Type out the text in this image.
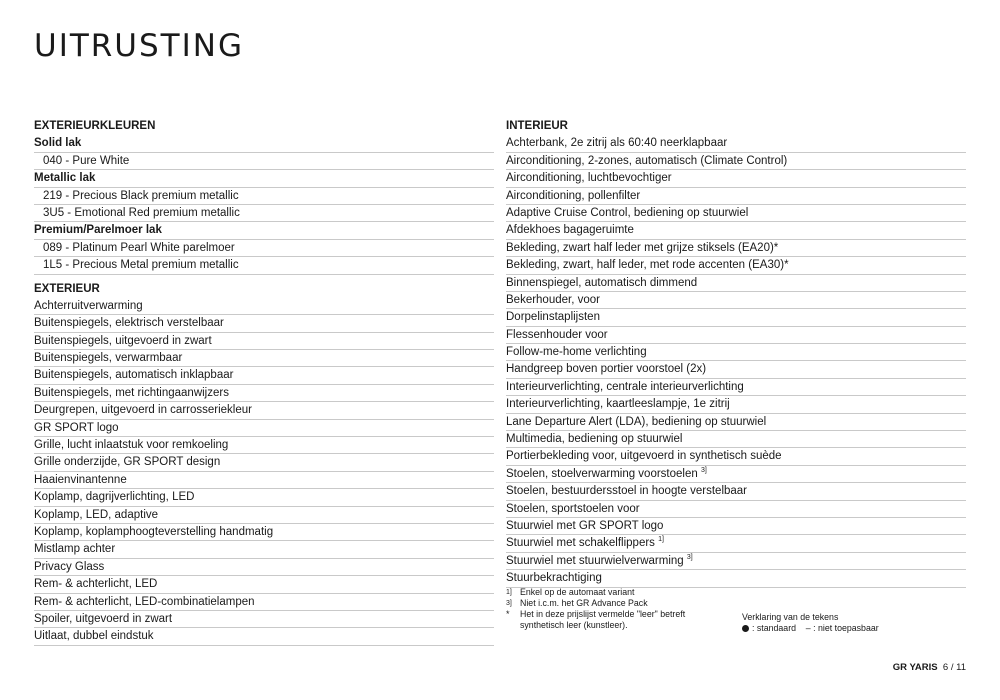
UITRUSTING
EXTERIEURKLEUREN
Solid lak
040 - Pure White
Metallic lak
219 - Precious Black premium metallic
3U5 - Emotional Red premium metallic
Premium/Parelmoer lak
089 - Platinum Pearl White parelmoer
1L5 - Precious Metal premium metallic
EXTERIEUR
Achterruitverwarming
Buitenspiegels, elektrisch verstelbaar
Buitenspiegels, uitgevoerd in zwart
Buitenspiegels, verwarmbaar
Buitenspiegels, automatisch inklapbaar
Buitenspiegels, met richtingaanwijzers
Deurgrepen, uitgevoerd in carrosseriekleur
GR SPORT logo
Grille, lucht inlaatstuk voor remkoeling
Grille onderzijde, GR SPORT design
Haaienvinantenne
Koplamp, dagrijverlichting, LED
Koplamp, LED, adaptive
Koplamp, koplamphoogteverstelling handmatig
Mistlamp achter
Privacy Glass
Rem- & achterlicht, LED
Rem- & achterlicht, LED-combinatielampen
Spoiler, uitgevoerd in zwart
Uitlaat, dubbel eindstuk
INTERIEUR
Achterbank, 2e zitrij als 60:40 neerklapbaar
Airconditioning, 2-zones, automatisch (Climate Control)
Airconditioning, luchtbevochtiger
Airconditioning, pollenfilter
Adaptive Cruise Control, bediening op stuurwiel
Afdekhoes bagageruimte
Bekleding, zwart half leder met grijze stiksels (EA20)*
Bekleding, zwart, half leder, met rode accenten (EA30)*
Binnenspiegel, automatisch dimmend
Bekerhouder, voor
Dorpelinstaplijsten
Flessenhouder voor
Follow-me-home verlichting
Handgreep boven portier voorstoel (2x)
Interieurverlichting, centrale interieurverlichting
Interieurverlichting, kaartleeslampje, 1e zitrij
Lane Departure Alert (LDA), bediening op stuurwiel
Multimedia, bediening op stuurwiel
Portierbekleding voor, uitgevoerd in synthetisch suède
Stoelen, stoelverwarming voorstoelen $^{3]}$
Stoelen, bestuurdersstoel in hoogte verstelbaar
Stoelen, sportstoelen voor
Stuurwiel met GR SPORT logo
Stuurwiel met schakelflippers $^{1]}$
Stuurwiel met stuurwielverwarming $^{3]}$
Stuurbekrachtiging
1] Enkel op de automaat variant
3] Niet i.c.m. het GR Advance Pack
*	Het in deze prijslijst vermelde "leer" betreft
synthetisch leer (kunstleer).
Verklaring van de tekens
: standaard – : niet toepasbaar
GR YARIS 6 / 11
